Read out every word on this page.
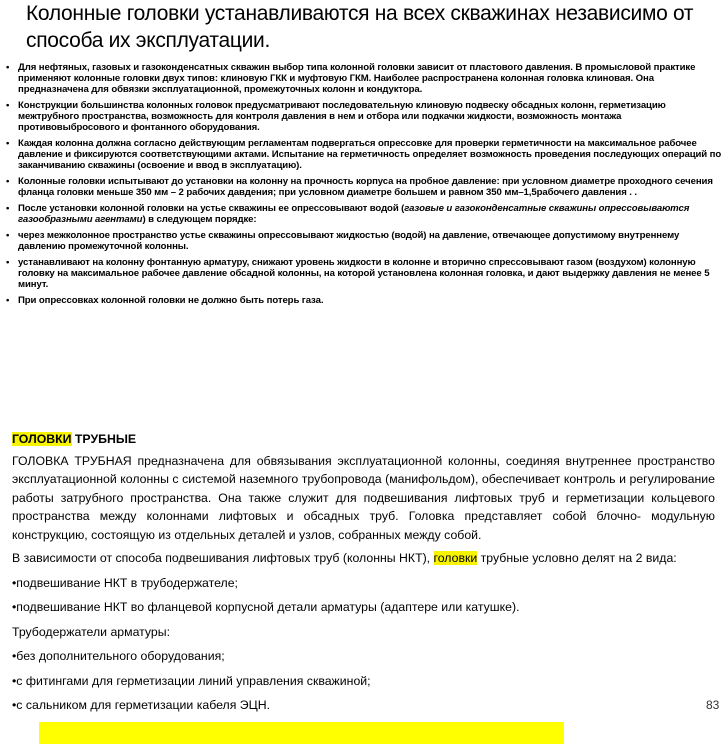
Колонные головки устанавливаются на всех скважинах независимо от способа их эксплуатации.
• Для нефтяных, газовых и газоконденсатных скважин выбор типа колонной головки зависит от пластового давления. В промысловой практике применяют колонные головки двух типов: клиновую ГКК и муфтовую ГКМ. Наиболее распространена колонная головка клиновая. Она предназначена для обвязки эксплуатационной, промежуточных колонн и кондуктора.
• Конструкции большинства колонных головок предусматривают последовательную клиновую подвеску обсадных колонн, герметизацию межтрубного пространства, возможность для контроля давления в нем и отбора или подкачки жидкости, возможность монтажа противовыбросового и фонтанного оборудования.
• Каждая колонна должна согласно действующим регламентам подвергаться опрессовке для проверки герметичности на максимальное рабочее давление и фиксируются соответствующими актами. Испытание на герметичность определяет возможность проведения последующих операций по заканчиванию скважины (освоение и ввод в эксплуатацию).
• Колонные головки испытывают до установки на колонну на прочность корпуса на пробное давление: при условном диаметре проходного сечения фланца головки меньше 350 мм – 2 рабочих давдения; при условном диаметре большем и равном 350 мм–1,5рабочего давления . .
• После установки колонной головки на устье скважины ее опрессовывают водой (газовые и газоконденсатные скважины опрессовываются газообразными агентами) в следующем порядке:
• через межколонное пространство устье скважины опрессовывают жидкостью (водой) на давление, отвечающее допустимому внутреннему давлению промежуточной колонны.
• устанавливают на колонну фонтанную арматуру, снижают уровень жидкости в колонне и вторично спрессовывают газом (воздухом) колонную головку на максимальное рабочее давление обсадной колонны, на которой установлена колонная головка, и дают выдержку давления не менее 5 минут.
• При опрессовках колонной головки не должно быть потерь газа.

ГОЛОВКИ ТРУБНЫЕ

ГОЛОВКА ТРУБНАЯ предназначена для обвязывания эксплуатационной колонны, соединяя внутреннее пространство эксплуатационной колонны с системой наземного трубопровода (манифольдом), обеспечивает контроль и регулирование работы затрубного пространства. Она также служит для подвешивания лифтовых труб и герметизации кольцевого пространства между колоннами лифтовых и обсадных труб. Головка представляет собой блочно- модульную конструкцию, состоящую из отдельных деталей и узлов, собранных между собой.

В зависимости от способа подвешивания лифтовых труб (колонны НКТ), головки трубные условно делят на 2 вида:

•подвешивание НКТ в трубодержателе;

•подвешивание НКТ во фланцевой корпусной детали арматуры (адаптере или катушке).

Трубодержатели арматуры:

•без дополнительного оборудования;

•с фитингами для герметизации линий управления скважиной;

•с сальником для герметизации кабеля ЭЦН.	83
